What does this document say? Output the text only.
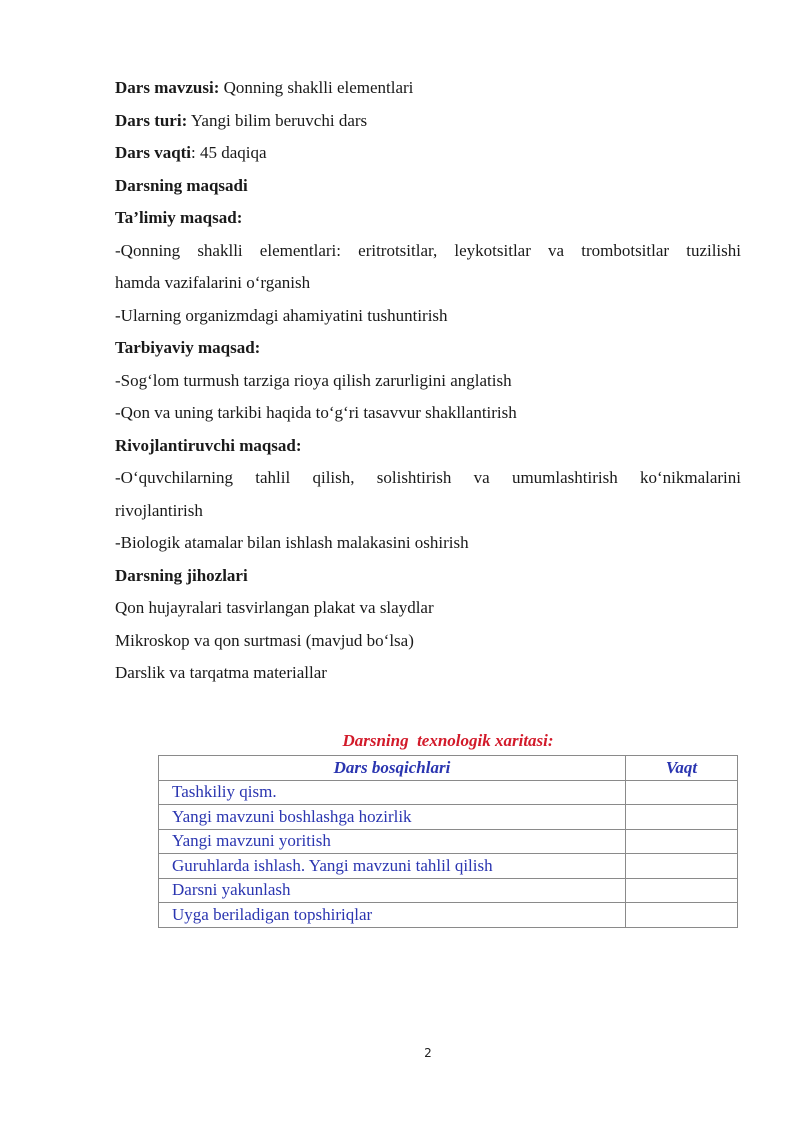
Dars mavzusi: Qonning shaklli elementlari
Dars turi: Yangi bilim beruvchi dars
Dars vaqti: 45 daqiqa
Darsning maqsadi
Ta’limiy maqsad:
-Qonning shaklli elementlari: eritrotsitlar, leykotsitlar va trombotsitlar tuzilishi
hamda vazifalarini o‘rganish
-Ularning organizmdagi ahamiyatini tushuntirish
Tarbiyaviy maqsad:
-Sog‘lom turmush tarziga rioya qilish zarurligini anglatish
-Qon va uning tarkibi haqida to‘g‘ri tasavvur shakllantirish
Rivojlantiruvchi maqsad:
-O‘quvchilarning tahlil qilish, solishtirish va umumlashtirish ko‘nikmalarini
rivojlantirish
-Biologik atamalar bilan ishlash malakasini oshirish
Darsning jihozlari
Qon hujayralari tasvirlangan plakat va slaydlar
Mikroskop va qon surtmasi (mavjud bo‘lsa)
Darslik va tarqatma materiallar
Darsning  texnologik xaritasi:
Dars bosqichlari	Vaqt
Tashkiliy qism.	
Yangi mavzuni boshlashga hozirlik	
Yangi mavzuni yoritish	
Guruhlarda ishlash. Yangi mavzuni tahlil qilish	
Darsni yakunlash	
Uyga beriladigan topshiriqlar	
2
